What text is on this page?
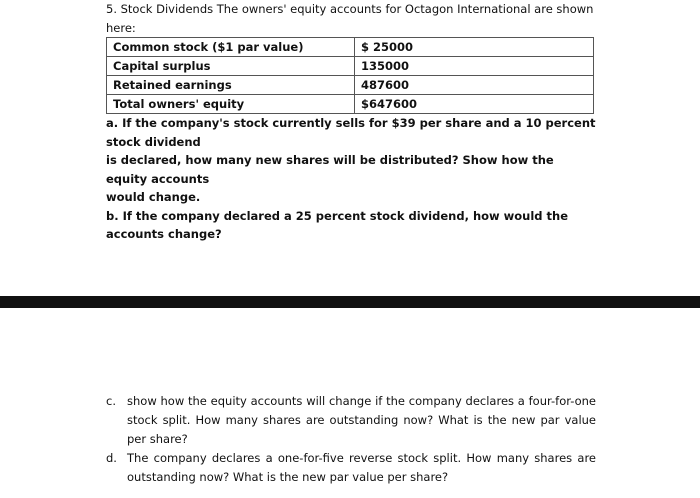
5. Stock Dividends The owners' equity accounts for Octagon International are shown

here:

Common stock ($1 par value)	$ 25000
Capital surplus	135000
Retained earnings	487600
Total owners' equity	$647600

a. If the company's stock currently sells for $39 per share and a 10 percent stock dividend

is declared, how many new shares will be distributed? Show how the equity accounts

would change.

b. If the company declared a 25 percent stock dividend, how would the accounts change?

c. show how the equity accounts will change if the company declares a four-for-one stock split. How many shares are outstanding now? What is the new par value per share?
d. The company declares a one-for-five reverse stock split. How many shares are outstanding now? What is the new par value per share?
